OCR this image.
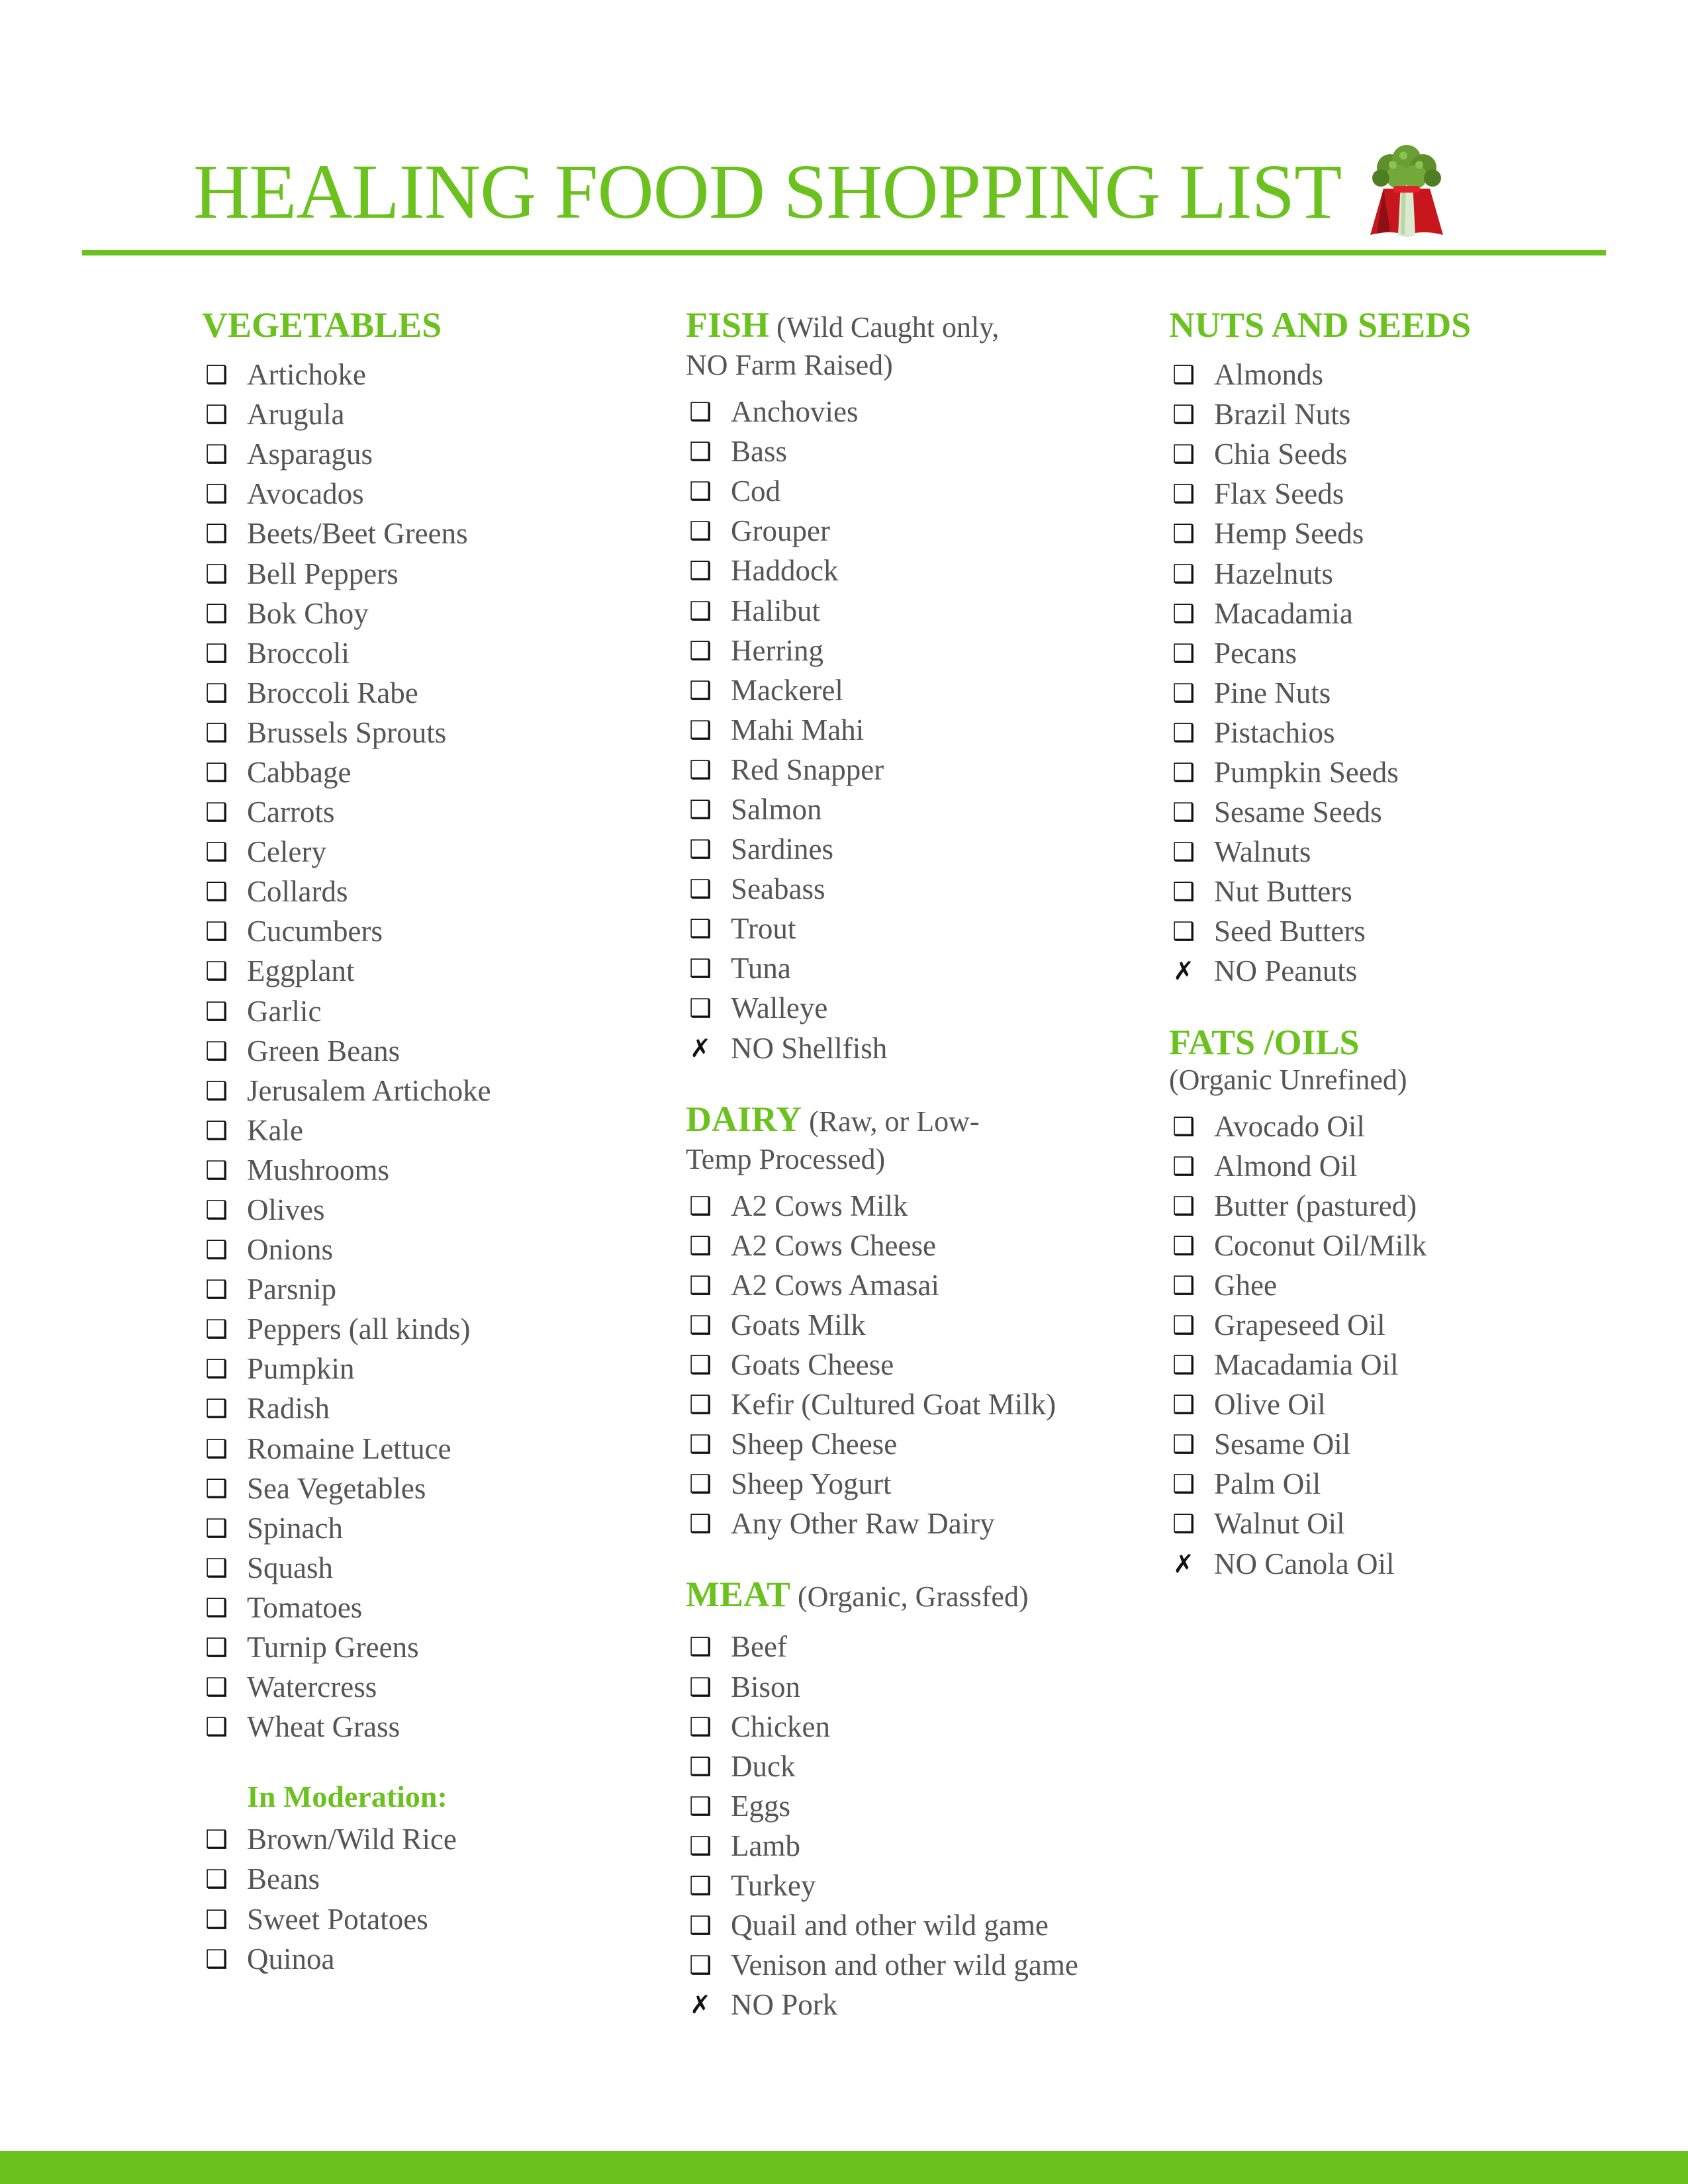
HEALING FOOD SHOPPING LIST
VEGETABLES
❑ Artichoke
❑ Arugula
❑ Asparagus
❑ Avocados
❑ Beets/Beet Greens
❑ Bell Peppers
❑ Bok Choy
❑ Broccoli
❑ Broccoli Rabe
❑ Brussels Sprouts
❑ Cabbage
❑ Carrots
❑ Celery
❑ Collards
❑ Cucumbers
❑ Eggplant
❑ Garlic
❑ Green Beans
❑ Jerusalem Artichoke
❑ Kale
❑ Mushrooms
❑ Olives
❑ Onions
❑ Parsnip
❑ Peppers (all kinds)
❑ Pumpkin
❑ Radish
❑ Romaine Lettuce
❑ Sea Vegetables
❑ Spinach
❑ Squash
❑ Tomatoes
❑ Turnip Greens
❑ Watercress
❑ Wheat Grass
In Moderation:
❑ Brown/Wild Rice
❑ Beans
❑ Sweet Potatoes
❑ Quinoa
FISH (Wild Caught only,
NO Farm Raised)
❑ Anchovies
❑ Bass
❑ Cod
❑ Grouper
❑ Haddock
❑ Halibut
❑ Herring
❑ Mackerel
❑ Mahi Mahi
❑ Red Snapper
❑ Salmon
❑ Sardines
❑ Seabass
❑ Trout
❑ Tuna
❑ Walleye
✗ NO Shellfish
DAIRY (Raw, or Low-
Temp Processed)
❑ A2 Cows Milk
❑ A2 Cows Cheese
❑ A2 Cows Amasai
❑ Goats Milk
❑ Goats Cheese
❑ Kefir (Cultured Goat Milk)
❑ Sheep Cheese
❑ Sheep Yogurt
❑ Any Other Raw Dairy
MEAT (Organic, Grassfed)
❑ Beef
❑ Bison
❑ Chicken
❑ Duck
❑ Eggs
❑ Lamb
❑ Turkey
❑ Quail and other wild game
❑ Venison and other wild game
✗ NO Pork
NUTS AND SEEDS
❑ Almonds
❑ Brazil Nuts
❑ Chia Seeds
❑ Flax Seeds
❑ Hemp Seeds
❑ Hazelnuts
❑ Macadamia
❑ Pecans
❑ Pine Nuts
❑ Pistachios
❑ Pumpkin Seeds
❑ Sesame Seeds
❑ Walnuts
❑ Nut Butters
❑ Seed Butters
✗ NO Peanuts
FATS /OILS
(Organic Unrefined)
❑ Avocado Oil
❑ Almond Oil
❑ Butter (pastured)
❑ Coconut Oil/Milk
❑ Ghee
❑ Grapeseed Oil
❑ Macadamia Oil
❑ Olive Oil
❑ Sesame Oil
❑ Palm Oil
❑ Walnut Oil
✗ NO Canola Oil
